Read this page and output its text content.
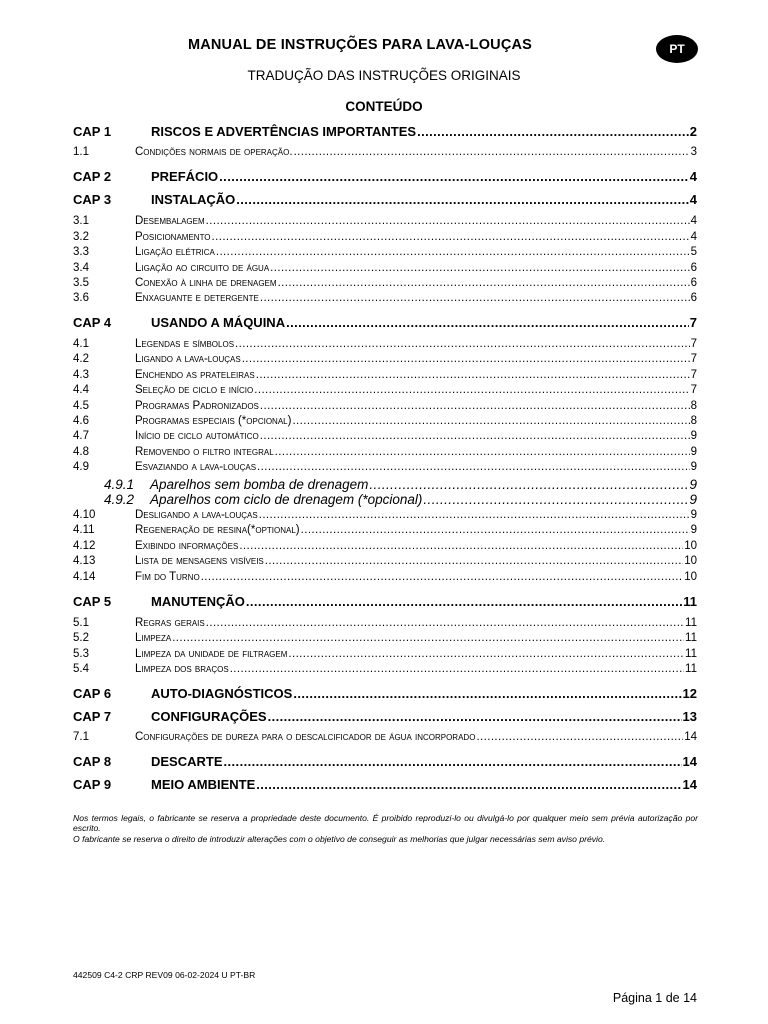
MANUAL DE INSTRUÇÕES PARA LAVA-LOUÇAS	PT
TRADUÇÃO DAS INSTRUÇÕES ORIGINAIS
CONTEÚDO
CAP 1	RISCOS E ADVERTÊNCIAS IMPORTANTES .....	2
1.1	Condições normais de operação. .....	3
CAP 2	PREFÁCIO .....	4
CAP 3	INSTALAÇÃO .....	4
3.1	Desembalagem .....	4
3.2	Posicionamento .....	4
3.3	Ligação elétrica .....	5
3.4	Ligação ao circuito de água .....	6
3.5	Conexão à linha de drenagem .....	6
3.6	Enxaguante e detergente .....	6
CAP 4	USANDO A MÁQUINA .....	7
4.1	Legendas e símbolos .....	7
4.2	Ligando a lava-louças .....	7
4.3	Enchendo as prateleiras .....	7
4.4	Seleção de ciclo e início .....	7
4.5	Programas Padronizados .....	8
4.6	Programas especiais (*opcional) .....	8
4.7	Início de ciclo automático .....	9
4.8	Removendo o filtro integral .....	9
4.9	Esvaziando a lava-louças .....	9
4.9.1	Aparelhos sem bomba de drenagem .....	9
4.9.2	Aparelhos com ciclo de drenagem (*opcional) .....	9
4.10	Desligando a lava-louças .....	9
4.11	Regeneração de resina(*optional) .....	9
4.12	Exibindo informações .....	10
4.13	Lista de mensagens visíveis .....	10
4.14	Fim do Turno .....	10
CAP 5	MANUTENÇÃO .....	11
5.1	Regras gerais .....	11
5.2	Limpeza .....	11
5.3	Limpeza da unidade de filtragem .....	11
5.4	Limpeza dos braços .....	11
CAP 6	AUTO-DIAGNÓSTICOS .....	12
CAP 7	CONFIGURAÇÕES .....	13
7.1	Configurações de dureza para o descalcificador de água incorporado .....	14
CAP 8	DESCARTE .....	14
CAP 9	MEIO AMBIENTE .....	14

Nos termos legais, o fabricante se reserva a propriedade deste documento. É proibido reproduzi-lo ou divulgá-lo por qualquer meio sem prévia autorização por escrito.

O fabricante se reserva o direito de introduzir alterações com o objetivo de conseguir as melhorias que julgar necessárias sem aviso prévio.

442509 C4-2 CRP REV09 06-02-2024 U PT-BR
Página 1 de 14
